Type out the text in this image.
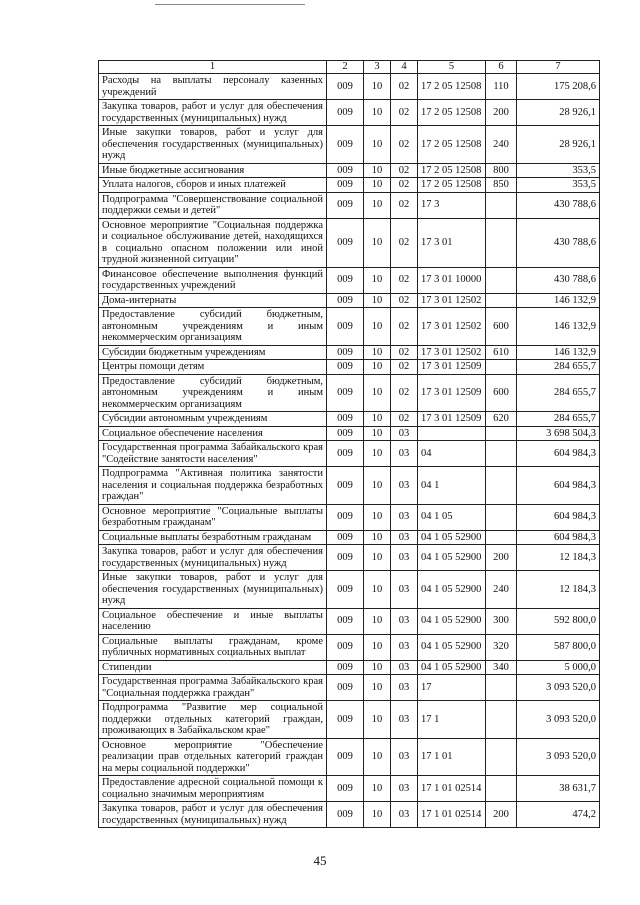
1	2	3	4	5	6	7
Расходы на выплаты персоналу казенных учреждений	009	10	02	17 2 05 12508	110	175 208,6
Закупка товаров, работ и услуг для обеспечения государственных (муниципальных) нужд	009	10	02	17 2 05 12508	200	28 926,1
Иные закупки товаров, работ и услуг для обеспечения государственных (муниципальных) нужд	009	10	02	17 2 05 12508	240	28 926,1
Иные бюджетные ассигнования	009	10	02	17 2 05 12508	800	353,5
Уплата налогов, сборов и иных платежей	009	10	02	17 2 05 12508	850	353,5
Подпрограмма "Совершенствование социальной поддержки семьи и детей"	009	10	02	17 3		430 788,6
Основное мероприятие "Социальная поддержка и социальное обслуживание детей, находящихся в социально опасном положении или иной трудной жизненной ситуации"	009	10	02	17 3 01		430 788,6
Финансовое обеспечение выполнения функций государственных учреждений	009	10	02	17 3 01 10000		430 788,6
Дома-интернаты	009	10	02	17 3 01 12502		146 132,9
Предоставление субсидий бюджетным, автономным учреждениям и иным некоммерческим организациям	009	10	02	17 3 01 12502	600	146 132,9
Субсидии бюджетным учреждениям	009	10	02	17 3 01 12502	610	146 132,9
Центры помощи детям	009	10	02	17 3 01 12509		284 655,7
Предоставление субсидий бюджетным, автономным учреждениям и иным некоммерческим организациям	009	10	02	17 3 01 12509	600	284 655,7
Субсидии автономным учреждениям	009	10	02	17 3 01 12509	620	284 655,7
Социальное обеспечение населения	009	10	03			3 698 504,3
Государственная программа Забайкальского края "Содействие занятости населения"	009	10	03	04		604 984,3
Подпрограмма "Активная политика занятости населения и социальная поддержка безработных граждан"	009	10	03	04 1		604 984,3
Основное мероприятие "Социальные выплаты безработным гражданам"	009	10	03	04 1 05		604 984,3
Социальные выплаты безработным гражданам	009	10	03	04 1 05 52900		604 984,3
Закупка товаров, работ и услуг для обеспечения государственных (муниципальных) нужд	009	10	03	04 1 05 52900	200	12 184,3
Иные закупки товаров, работ и услуг для обеспечения государственных (муниципальных) нужд	009	10	03	04 1 05 52900	240	12 184,3
Социальное обеспечение и иные выплаты населению	009	10	03	04 1 05 52900	300	592 800,0
Социальные выплаты гражданам, кроме публичных нормативных социальных выплат	009	10	03	04 1 05 52900	320	587 800,0
Стипендии	009	10	03	04 1 05 52900	340	5 000,0
Государственная программа Забайкальского края "Социальная поддержка граждан"	009	10	03	17		3 093 520,0
Подпрограмма "Развитие мер социальной поддержки отдельных категорий граждан, проживающих в Забайкальском крае"	009	10	03	17 1		3 093 520,0
Основное мероприятие "Обеспечение реализации прав отдельных категорий граждан на меры социальной поддержки"	009	10	03	17 1 01		3 093 520,0
Предоставление адресной социальной помощи к социально значимым мероприятиям	009	10	03	17 1 01 02514		38 631,7
Закупка товаров, работ и услуг для обеспечения государственных (муниципальных) нужд	009	10	03	17 1 01 02514	200	474,2
45
